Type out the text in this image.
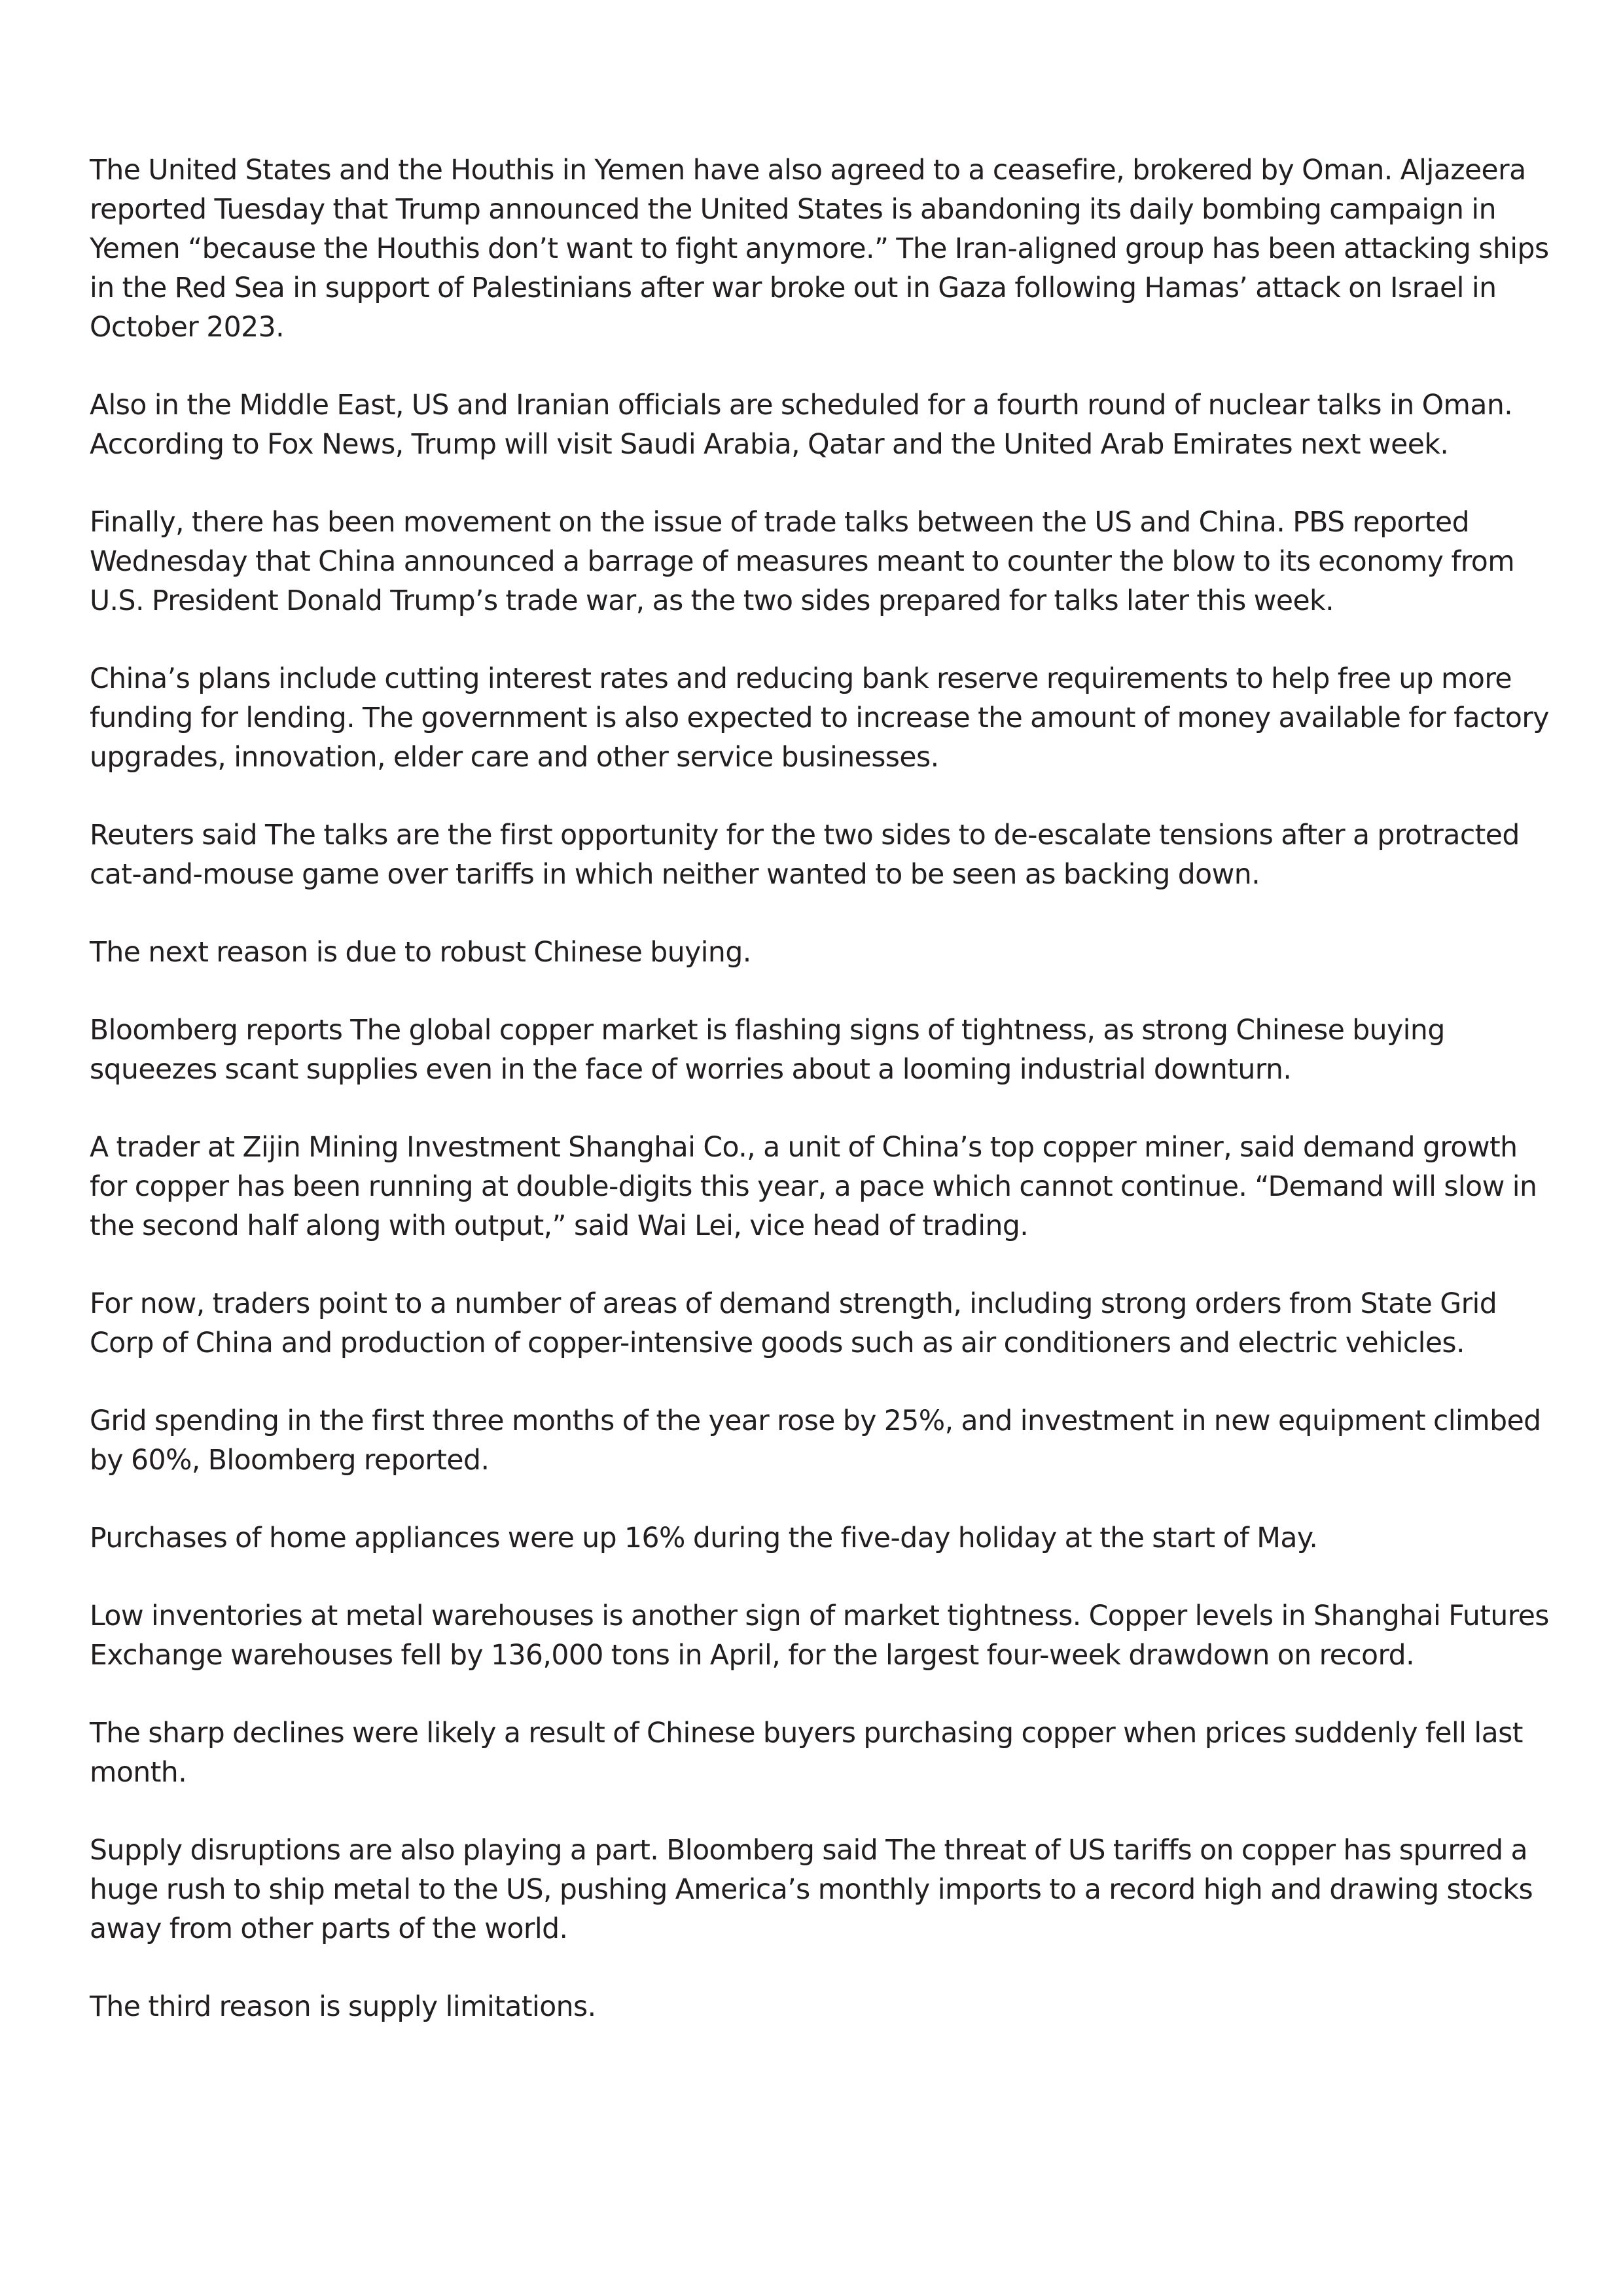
The United States and the Houthis in Yemen have also agreed to a ceasefire, brokered by Oman. Aljazeera reported Tuesday that Trump announced the United States is abandoning its daily bombing campaign in Yemen “because the Houthis don’t want to fight anymore.” The Iran-aligned group has been attacking ships in the Red Sea in support of Palestinians after war broke out in Gaza following Hamas’ attack on Israel in October 2023.

Also in the Middle East, US and Iranian officials are scheduled for a fourth round of nuclear talks in Oman. According to Fox News, Trump will visit Saudi Arabia, Qatar and the United Arab Emirates next week.

Finally, there has been movement on the issue of trade talks between the US and China. PBS reported Wednesday that China announced a barrage of measures meant to counter the blow to its economy from U.S. President Donald Trump’s trade war, as the two sides prepared for talks later this week.

China’s plans include cutting interest rates and reducing bank reserve requirements to help free up more funding for lending. The government is also expected to increase the amount of money available for factory upgrades, innovation, elder care and other service businesses.

Reuters said The talks are the first opportunity for the two sides to de-escalate tensions after a protracted cat-and-mouse game over tariffs in which neither wanted to be seen as backing down.

The next reason is due to robust Chinese buying.

Bloomberg reports The global copper market is flashing signs of tightness, as strong Chinese buying squeezes scant supplies even in the face of worries about a looming industrial downturn.

A trader at Zijin Mining Investment Shanghai Co., a unit of China’s top copper miner, said demand growth for copper has been running at double-digits this year, a pace which cannot continue. “Demand will slow in the second half along with output,” said Wai Lei, vice head of trading.

For now, traders point to a number of areas of demand strength, including strong orders from State Grid Corp of China and production of copper-intensive goods such as air conditioners and electric vehicles.

Grid spending in the first three months of the year rose by 25%, and investment in new equipment climbed by 60%, Bloomberg reported.

Purchases of home appliances were up 16% during the five-day holiday at the start of May.

Low inventories at metal warehouses is another sign of market tightness. Copper levels in Shanghai Futures Exchange warehouses fell by 136,000 tons in April, for the largest four-week drawdown on record.

The sharp declines were likely a result of Chinese buyers purchasing copper when prices suddenly fell last month.

Supply disruptions are also playing a part. Bloomberg said The threat of US tariffs on copper has spurred a huge rush to ship metal to the US, pushing America’s monthly imports to a record high and drawing stocks away from other parts of the world.

The third reason is supply limitations.
